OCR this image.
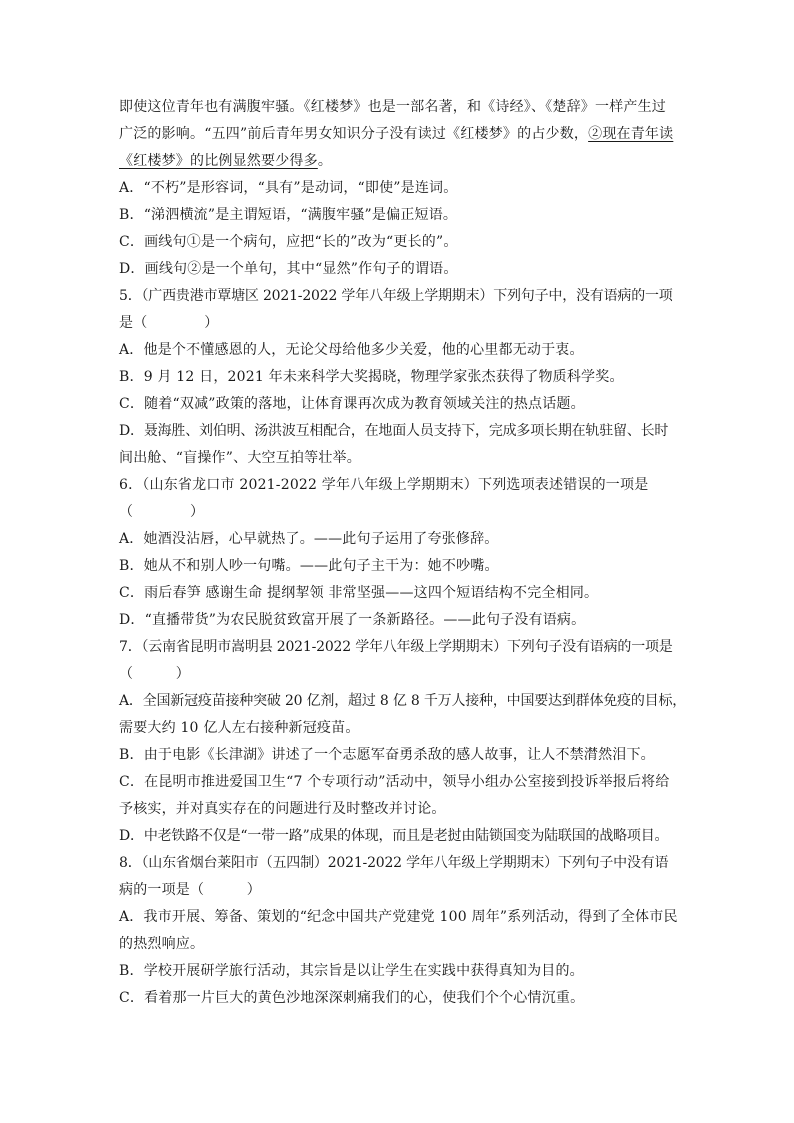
即使这位青年也有满腹牢骚。《红楼梦》也是一部名著，和《诗经》、《楚辞》一样产生过
广泛的影响。“五四”前后青年男女知识分子没有读过《红楼梦》的占少数，②现在青年读
《红楼梦》的比例显然要少得多。
A．“不朽”是形容词，“具有”是动词，“即使”是连词。
B．“涕泗横流”是主谓短语，“满腹牢骚”是偏正短语。
C．画线句①是一个病句，应把“长的”改为“更长的”。
D．画线句②是一个单句，其中“显然”作句子的谓语。
5．（广西贵港市覃塘区 2021-2022 学年八年级上学期期末）下列句子中，没有语病的一项
是（　　　　）
A．他是个不懂感恩的人，无论父母给他多少关爱，他的心里都无动于衷。
B．9 月 12 日，2021 年未来科学大奖揭晓，物理学家张杰获得了物质科学奖。
C．随着“双减”政策的落地，让体育课再次成为教育领域关注的热点话题。
D．聂海胜、刘伯明、汤洪波互相配合，在地面人员支持下，完成多项长期在轨驻留、长时
间出舱、“盲操作”、大空互拍等壮举。
6．（山东省龙口市 2021-2022 学年八年级上学期期末）下列选项表述错误的一项是
（　　　　）
A．她酒没沾唇，心早就热了。——此句子运用了夸张修辞。
B．她从不和别人吵一句嘴。——此句子主干为：她不吵嘴。
C．雨后春笋 感谢生命 提纲挈领 非常坚强——这四个短语结构不完全相同。
D．“直播带货”为农民脱贫致富开展了一条新路径。——此句子没有语病。
7．（云南省昆明市嵩明县 2021-2022 学年八年级上学期期末）下列句子没有语病的一项是
（　　　）
A．全国新冠疫苗接种突破 20 亿剂，超过 8 亿 8 千万人接种，中国要达到群体免疫的目标，
需要大约 10 亿人左右接种新冠疫苗。
B．由于电影《长津湖》讲述了一个志愿军奋勇杀敌的感人故事，让人不禁潸然泪下。
C．在昆明市推进爱国卫生“7 个专项行动”活动中，领导小组办公室接到投诉举报后将给
予核实，并对真实存在的问题进行及时整改并讨论。
D．中老铁路不仅是“一带一路”成果的体现，而且是老挝由陆锁国变为陆联国的战略项目。
8．（山东省烟台莱阳市（五四制）2021-2022 学年八年级上学期期末）下列句子中没有语
病的一项是（　　　）
A．我市开展、筹备、策划的“纪念中国共产党建党 100 周年”系列活动，得到了全体市民
的热烈响应。
B．学校开展研学旅行活动，其宗旨是以让学生在实践中获得真知为目的。
C．看着那一片巨大的黄色沙地深深刺痛我们的心，使我们个个心情沉重。
